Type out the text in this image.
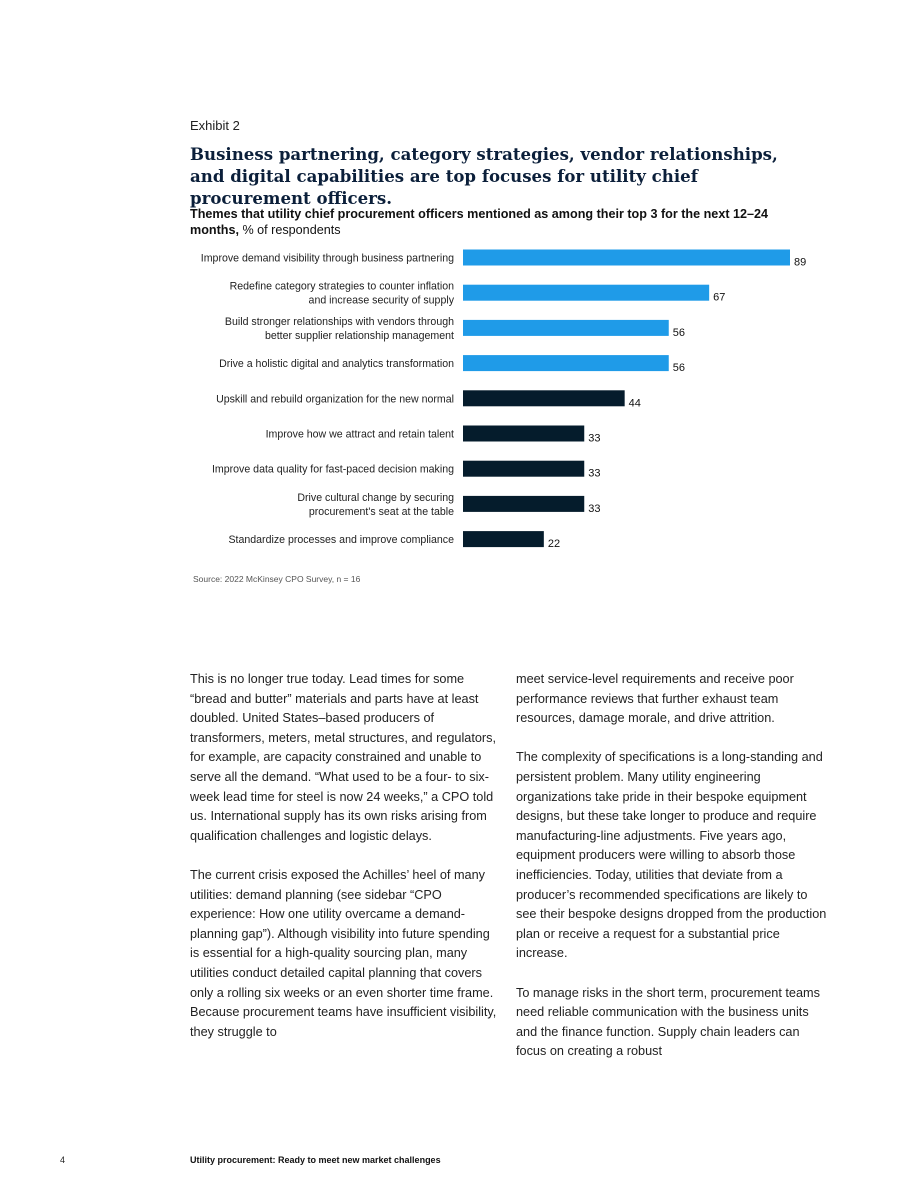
Exhibit 2
Business partnering, category strategies, vendor relationships, and digital capabilities are top focuses for utility chief procurement officers.
Themes that utility chief procurement officers mentioned as among their top 3 for the next 12–24 months, % of respondents
89
Improve demand visibility through business partnering
67
Redefine category strategies to counter inflation
and increase security of supply
56
Build stronger relationships with vendors through
better supplier relationship management
56
Drive a holistic digital and analytics transformation
44
Upskill and rebuild organization for the new normal
33
Improve how we attract and retain talent
33
Improve data quality for fast-paced decision making
33
Drive cultural change by securing
procurement's seat at the table
22
Standardize processes and improve compliance
Source: 2022 McKinsey CPO Survey, n = 16

This is no longer true today. Lead times for some “bread and butter” materials and parts have at least doubled. United States–based producers of transformers, meters, metal structures, and regulators, for example, are capacity constrained and unable to serve all the demand. “What used to be a four- to six-week lead time for steel is now 24 weeks,” a CPO told us. International supply has its own risks arising from qualification challenges and logistic delays.

The current crisis exposed the Achilles’ heel of many utilities: demand planning (see sidebar “CPO experience: How one utility overcame a demand-planning gap”). Although visibility into future spending is essential for a high-quality sourcing plan, many utilities conduct detailed capital planning that covers only a rolling six weeks or an even shorter time frame. Because procurement teams have insufficient visibility, they struggle to

meet service-level requirements and receive poor performance reviews that further exhaust team resources, damage morale, and drive attrition.

The complexity of specifications is a long-standing and persistent problem. Many utility engineering organizations take pride in their bespoke equipment designs, but these take longer to produce and require manufacturing-line adjustments. Five years ago, equipment producers were willing to absorb those inefficiencies. Today, utilities that deviate from a producer’s recommended specifications are likely to see their bespoke designs dropped from the production plan or receive a request for a substantial price increase.

To manage risks in the short term, procurement teams need reliable communication with the business units and the finance function. Supply chain leaders can focus on creating a robust

4	Utility procurement: Ready to meet new market challenges
